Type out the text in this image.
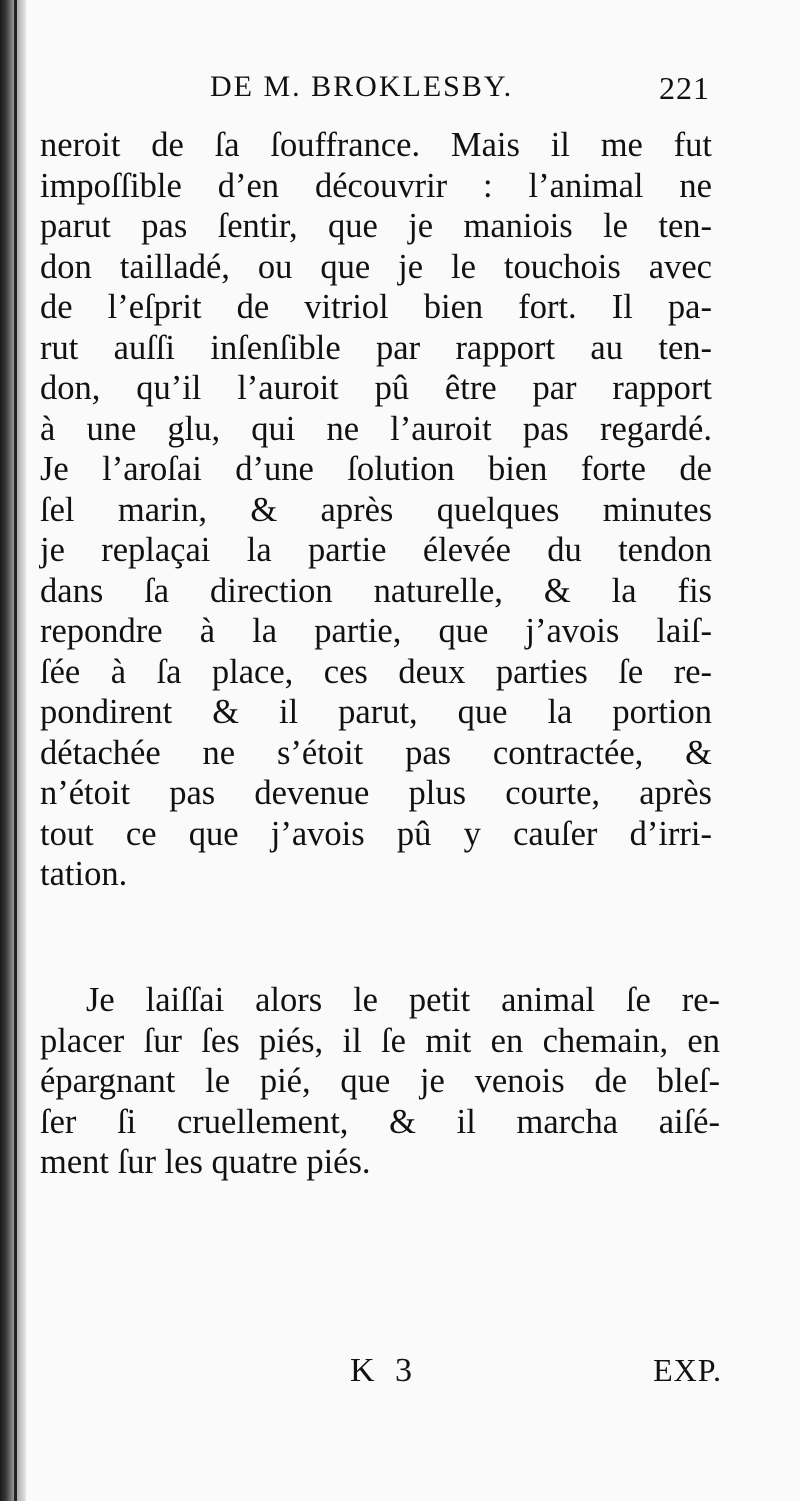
DE M. BROKLESBY.	221
neroit de ſa ſouffrance. Mais il me fut
impoſſible d’en découvrir : l’animal ne
parut pas ſentir, que je maniois le ten-
don tailladé, ou que je le touchois avec
de l’eſprit de vitriol bien fort. Il pa-
rut auſſi inſenſible par rapport au ten-
don, qu’il l’auroit pû être par rapport
à une glu, qui ne l’auroit pas regardé.
Je l’aroſai d’une ſolution bien forte de
ſel marin, & après quelques minutes
je replaçai la partie élevée du tendon
dans ſa direction naturelle, & la fis
repondre à la partie, que j’avois laiſ-
ſée à ſa place, ces deux parties ſe re-
pondirent & il parut, que la portion
détachée ne s’étoit pas contractée, &
n’étoit pas devenue plus courte, après
tout ce que j’avois pû y cauſer d’irri-
tation.
Je laiſſai alors le petit animal ſe re-
placer ſur ſes piés, il ſe mit en chemain, en
épargnant le pié, que je venois de bleſ-
ſer ſi cruellement, & il marcha aiſé-
ment ſur les quatre piés.
K 3	EXP.
